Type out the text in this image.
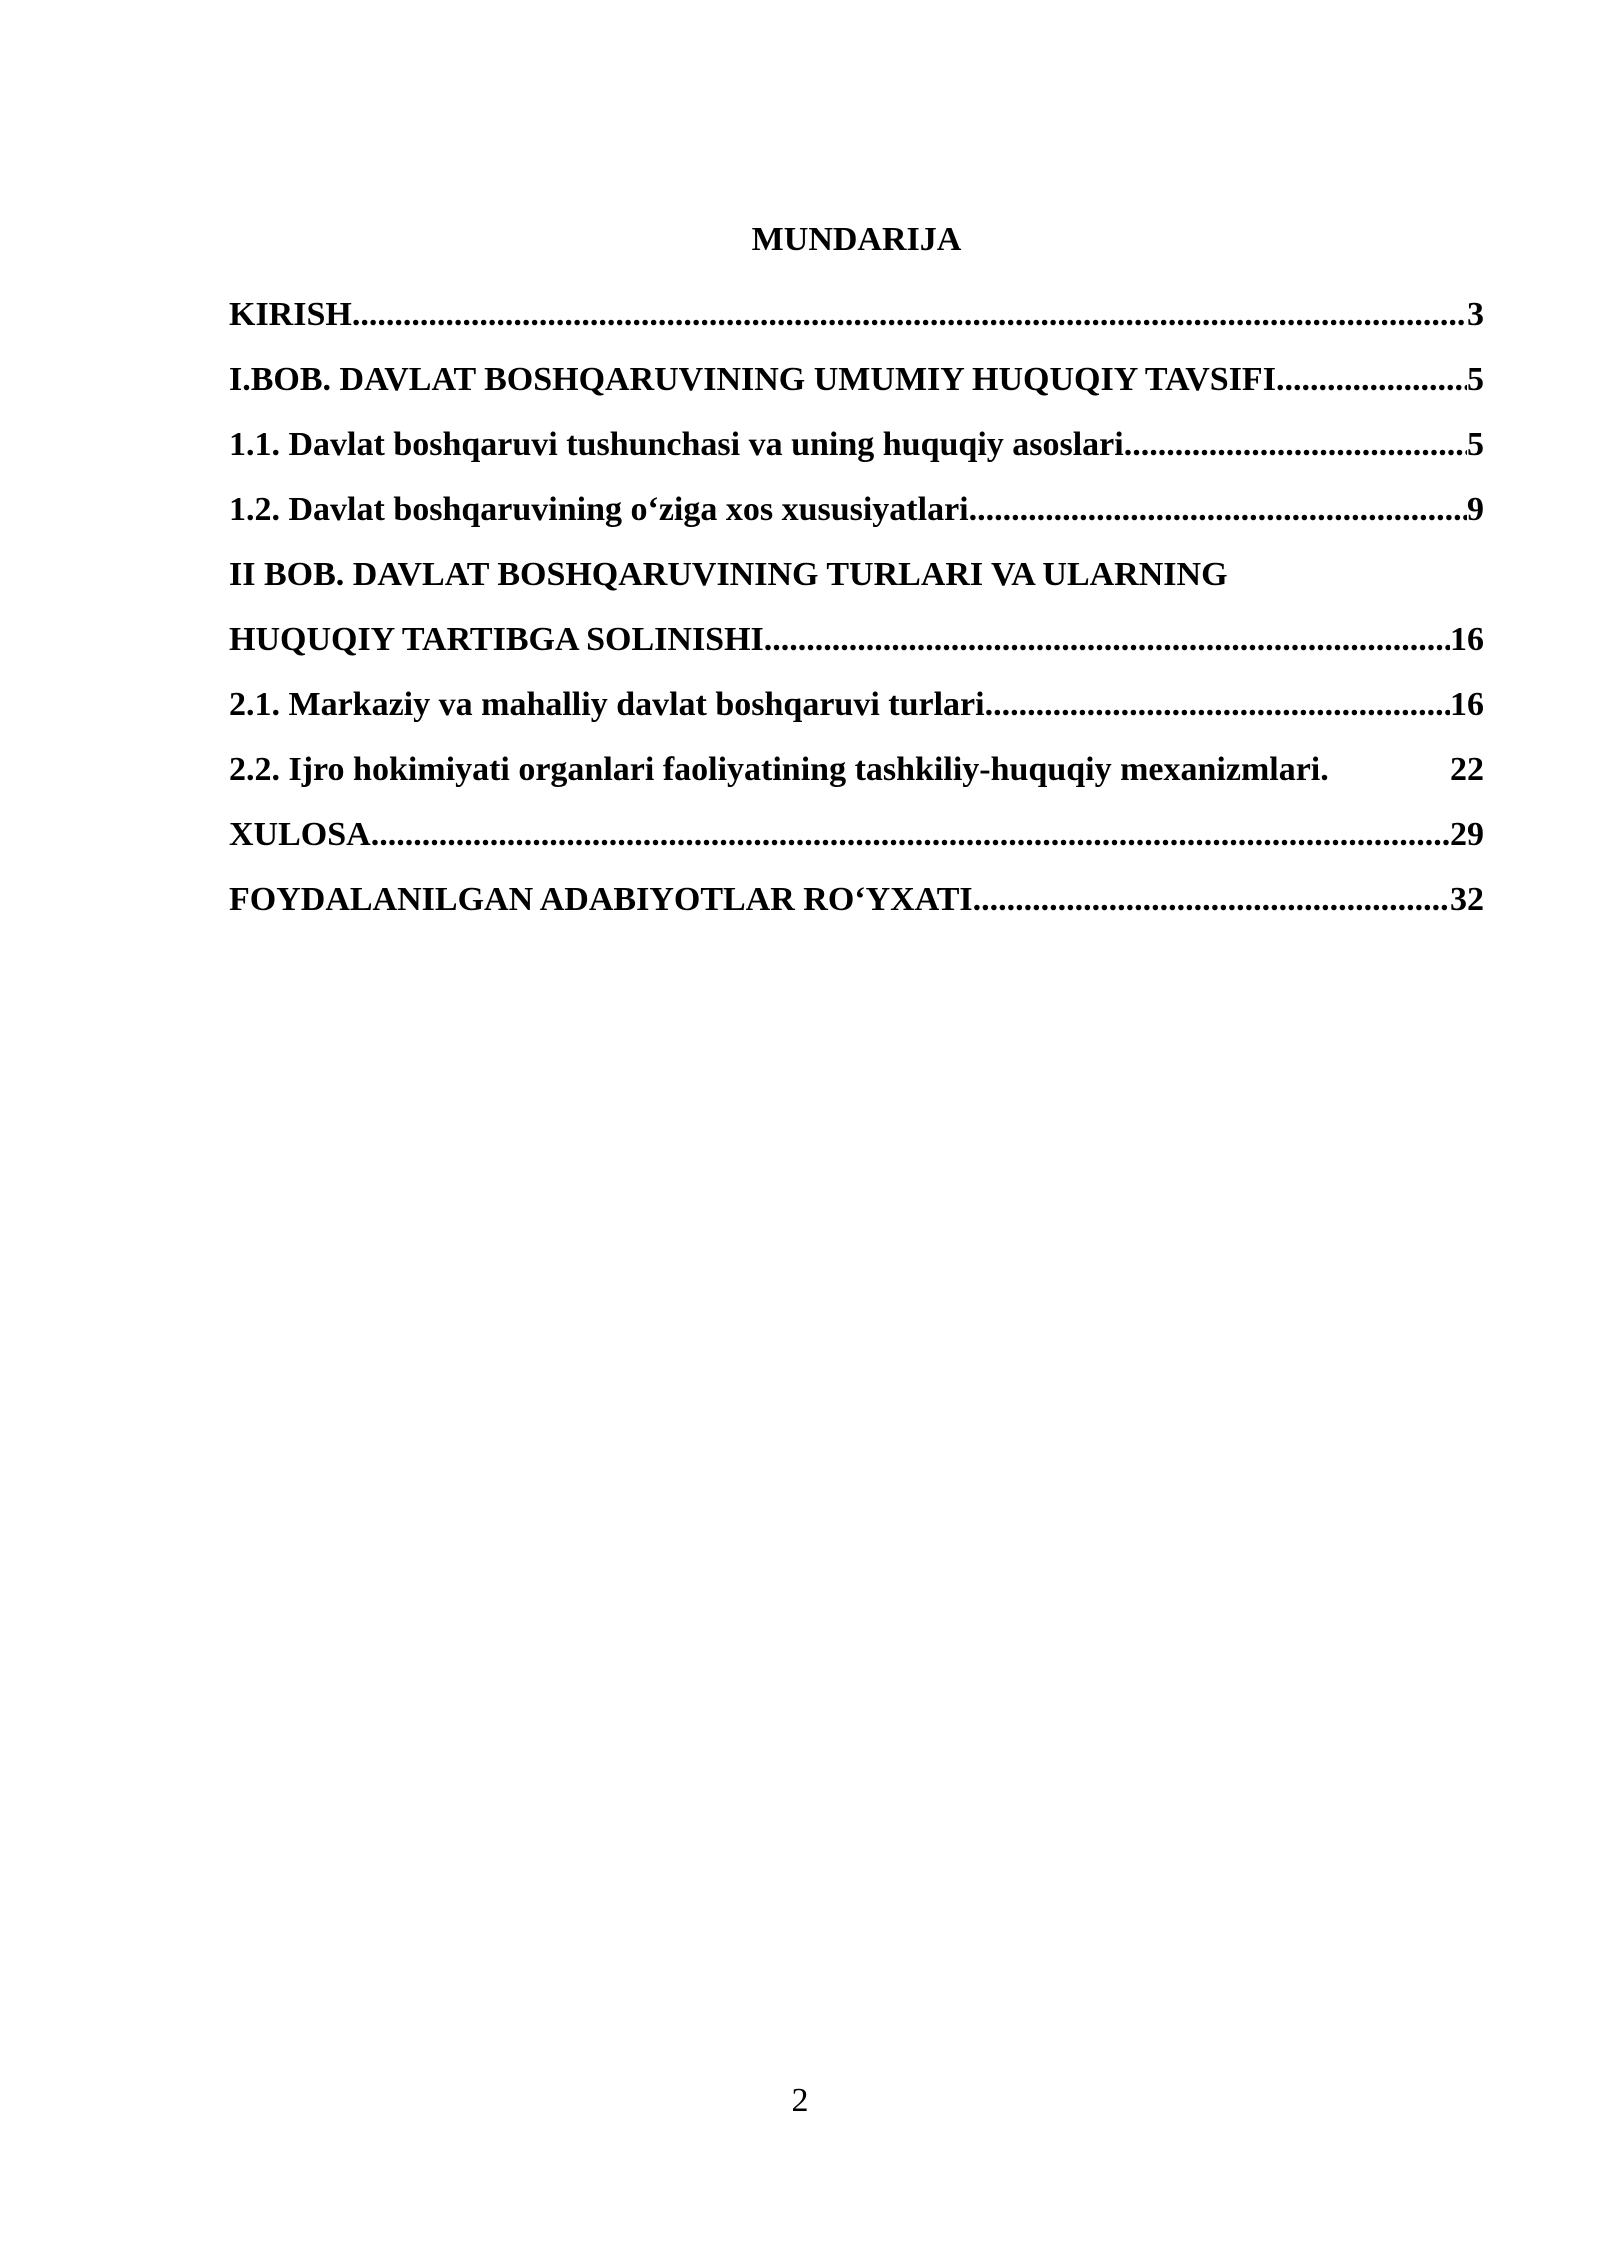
MUNDARIJA
KIRISH .....	3
I.BOB. DAVLAT BOSHQARUVINING UMUMIY HUQUQIY TAVSIFI .....	5
1.1. Davlat boshqaruvi tushunchasi va uning huquqiy asoslari .....	5
1.2. Davlat boshqaruvining o‘ziga xos xususiyatlari .....	9
II BOB. DAVLAT BOSHQARUVINING TURLARI VA ULARNING
HUQUQIY TARTIBGA SOLINISHI .....	16
2.1. Markaziy va mahalliy davlat boshqaruvi turlari .....	16
2.2. Ijro hokimiyati organlari faoliyatining tashkiliy-huquqiy mexanizmlari.	22
XULOSA .....	29
FOYDALANILGAN ADABIYOTLAR RO‘YXATI .....	32
2
